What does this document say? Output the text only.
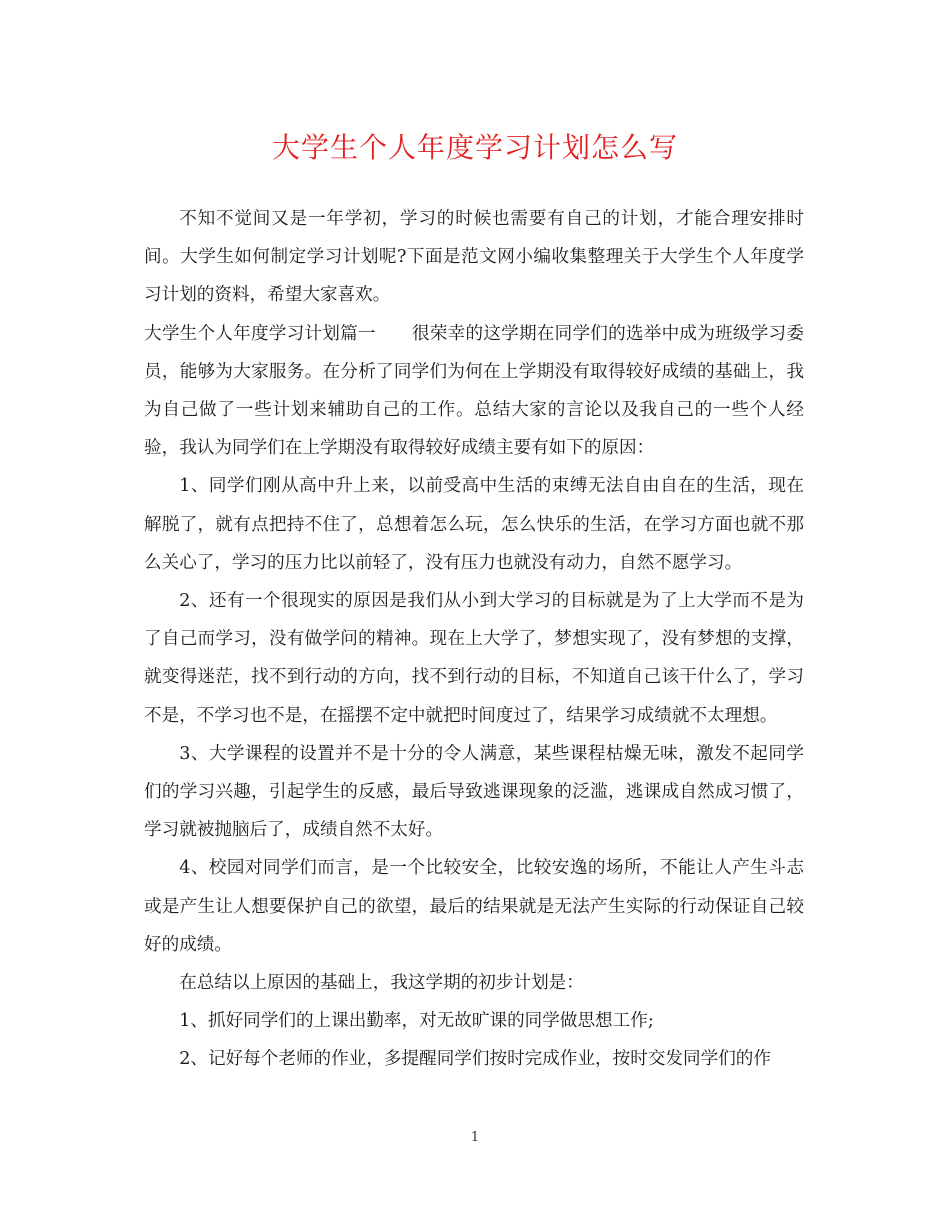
大学生个人年度学习计划怎么写

不知不觉间又是一年学初，学习的时候也需要有自己的计划，才能合理安排时间。大学生如何制定学习计划呢?下面是范文网小编收集整理关于大学生个人年度学习计划的资料，希望大家喜欢。

大学生个人年度学习计划篇一 很荣幸的这学期在同学们的选举中成为班级学习委员，能够为大家服务。在分析了同学们为何在上学期没有取得较好成绩的基础上，我为自己做了一些计划来辅助自己的工作。总结大家的言论以及我自己的一些个人经验，我认为同学们在上学期没有取得较好成绩主要有如下的原因：

1、同学们刚从高中升上来，以前受高中生活的束缚无法自由自在的生活，现在解脱了，就有点把持不住了，总想着怎么玩，怎么快乐的生活，在学习方面也就不那么关心了，学习的压力比以前轻了，没有压力也就没有动力，自然不愿学习。

2、还有一个很现实的原因是我们从小到大学习的目标就是为了上大学而不是为了自己而学习，没有做学问的精神。现在上大学了，梦想实现了，没有梦想的支撑，就变得迷茫，找不到行动的方向，找不到行动的目标，不知道自己该干什么了，学习不是，不学习也不是，在摇摆不定中就把时间度过了，结果学习成绩就不太理想。

3、大学课程的设置并不是十分的令人满意，某些课程枯燥无味，激发不起同学们的学习兴趣，引起学生的反感，最后导致逃课现象的泛滥，逃课成自然成习惯了，学习就被抛脑后了，成绩自然不太好。

4、校园对同学们而言，是一个比较安全，比较安逸的场所，不能让人产生斗志或是产生让人想要保护自己的欲望，最后的结果就是无法产生实际的行动保证自己较好的成绩。

在总结以上原因的基础上，我这学期的初步计划是：

1、抓好同学们的上课出勤率，对无故旷课的同学做思想工作;

2、记好每个老师的作业，多提醒同学们按时完成作业，按时交发同学们的作

1
